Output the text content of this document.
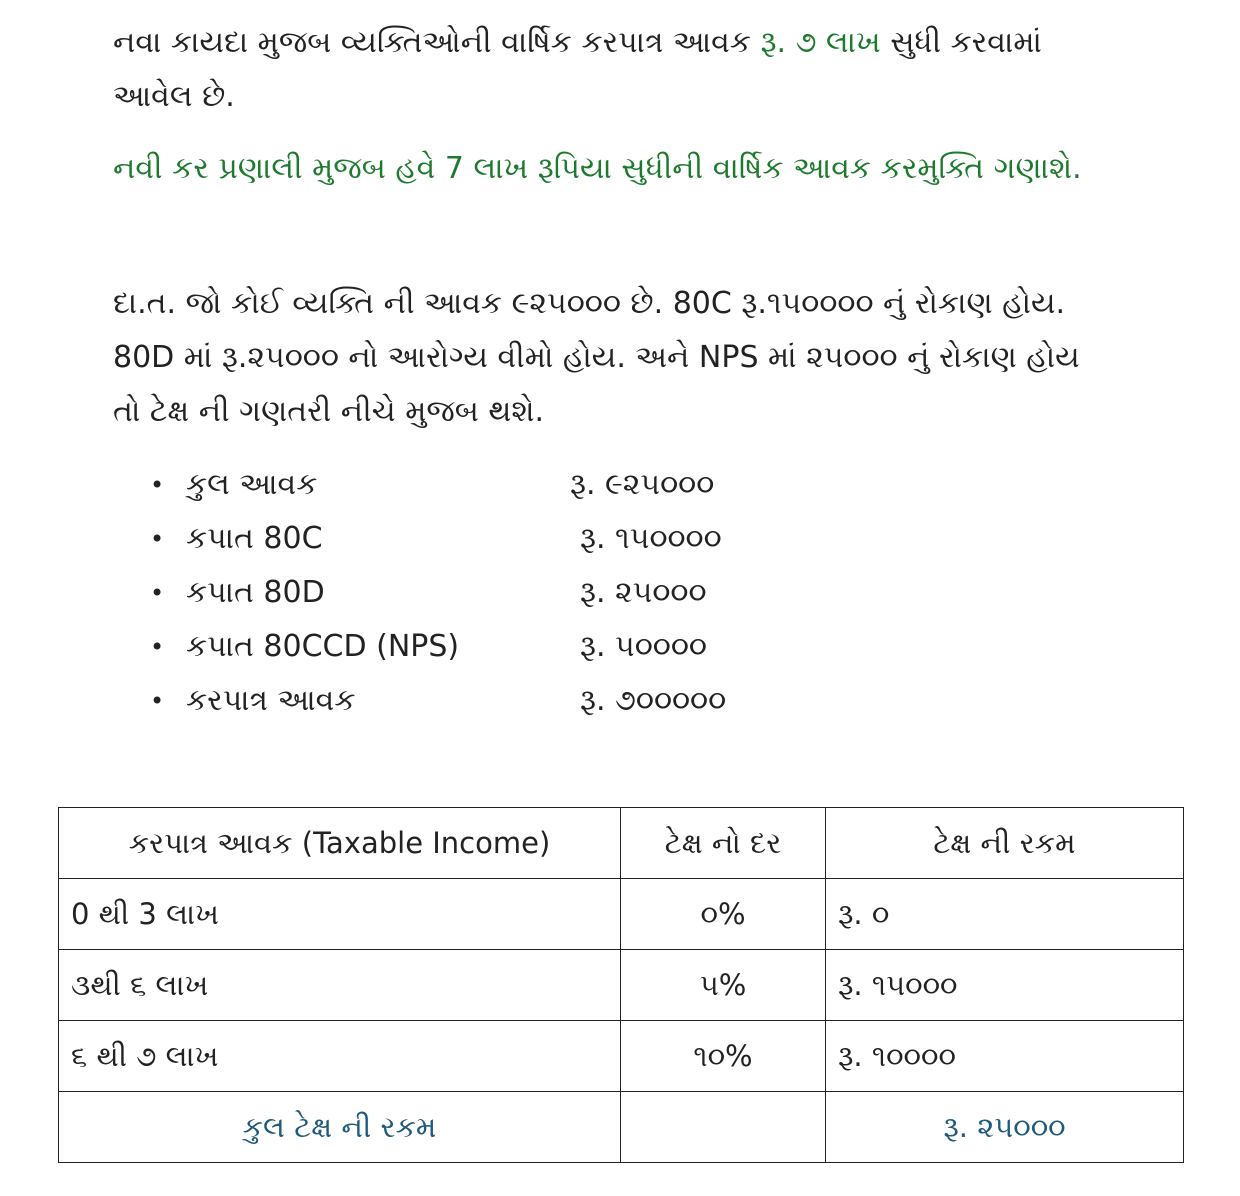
નવા કાયદા મુજબ વ્યક્તિઓની વાર્ષિક કરપાત્ર આવક રૂ. ૭ લાખ સુધી કરવામાં આવેલ છે.

નવી કર પ્રણાલી મુજબ હવે 7 લાખ રૂપિયા સુધીની વાર્ષિક આવક કરમુક્તિ ગણાશે.

દા.ત. જો કોઈ વ્યક્તિ ની આવક ૯૨૫૦૦૦ છે. 80C રૂ.૧૫૦૦૦૦ નું રોકાણ હોય. 80D માં રૂ.૨૫૦૦૦ નો આરોગ્ય વીમો હોય. અને NPS માં ૨૫૦૦૦ નું રોકાણ હોય તો ટેક્ષ ની ગણતરી નીચે મુજબ થશે.

• કુલ આવક	રૂ. ૯૨૫૦૦૦
• કપાત 80C	રૂ. ૧૫૦૦૦૦
• કપાત 80D	રૂ. ૨૫૦૦૦
• કપાત 80CCD (NPS)	રૂ. ૫૦૦૦૦
• કરપાત્ર આવક	રૂ. ૭૦૦૦૦૦
કરપાત્ર આવક (Taxable Income)	ટેક્ષ નો દર	ટેક્ષ ની રકમ
0 થી 3 લાખ	૦%	રૂ. ૦
૩થી ૬ લાખ	૫%	રૂ. ૧૫૦૦૦
૬ થી ૭ લાખ	૧૦%	રૂ. ૧૦૦૦૦
કુલ ટેક્ષ ની રકમ		રૂ. ૨૫૦૦૦
